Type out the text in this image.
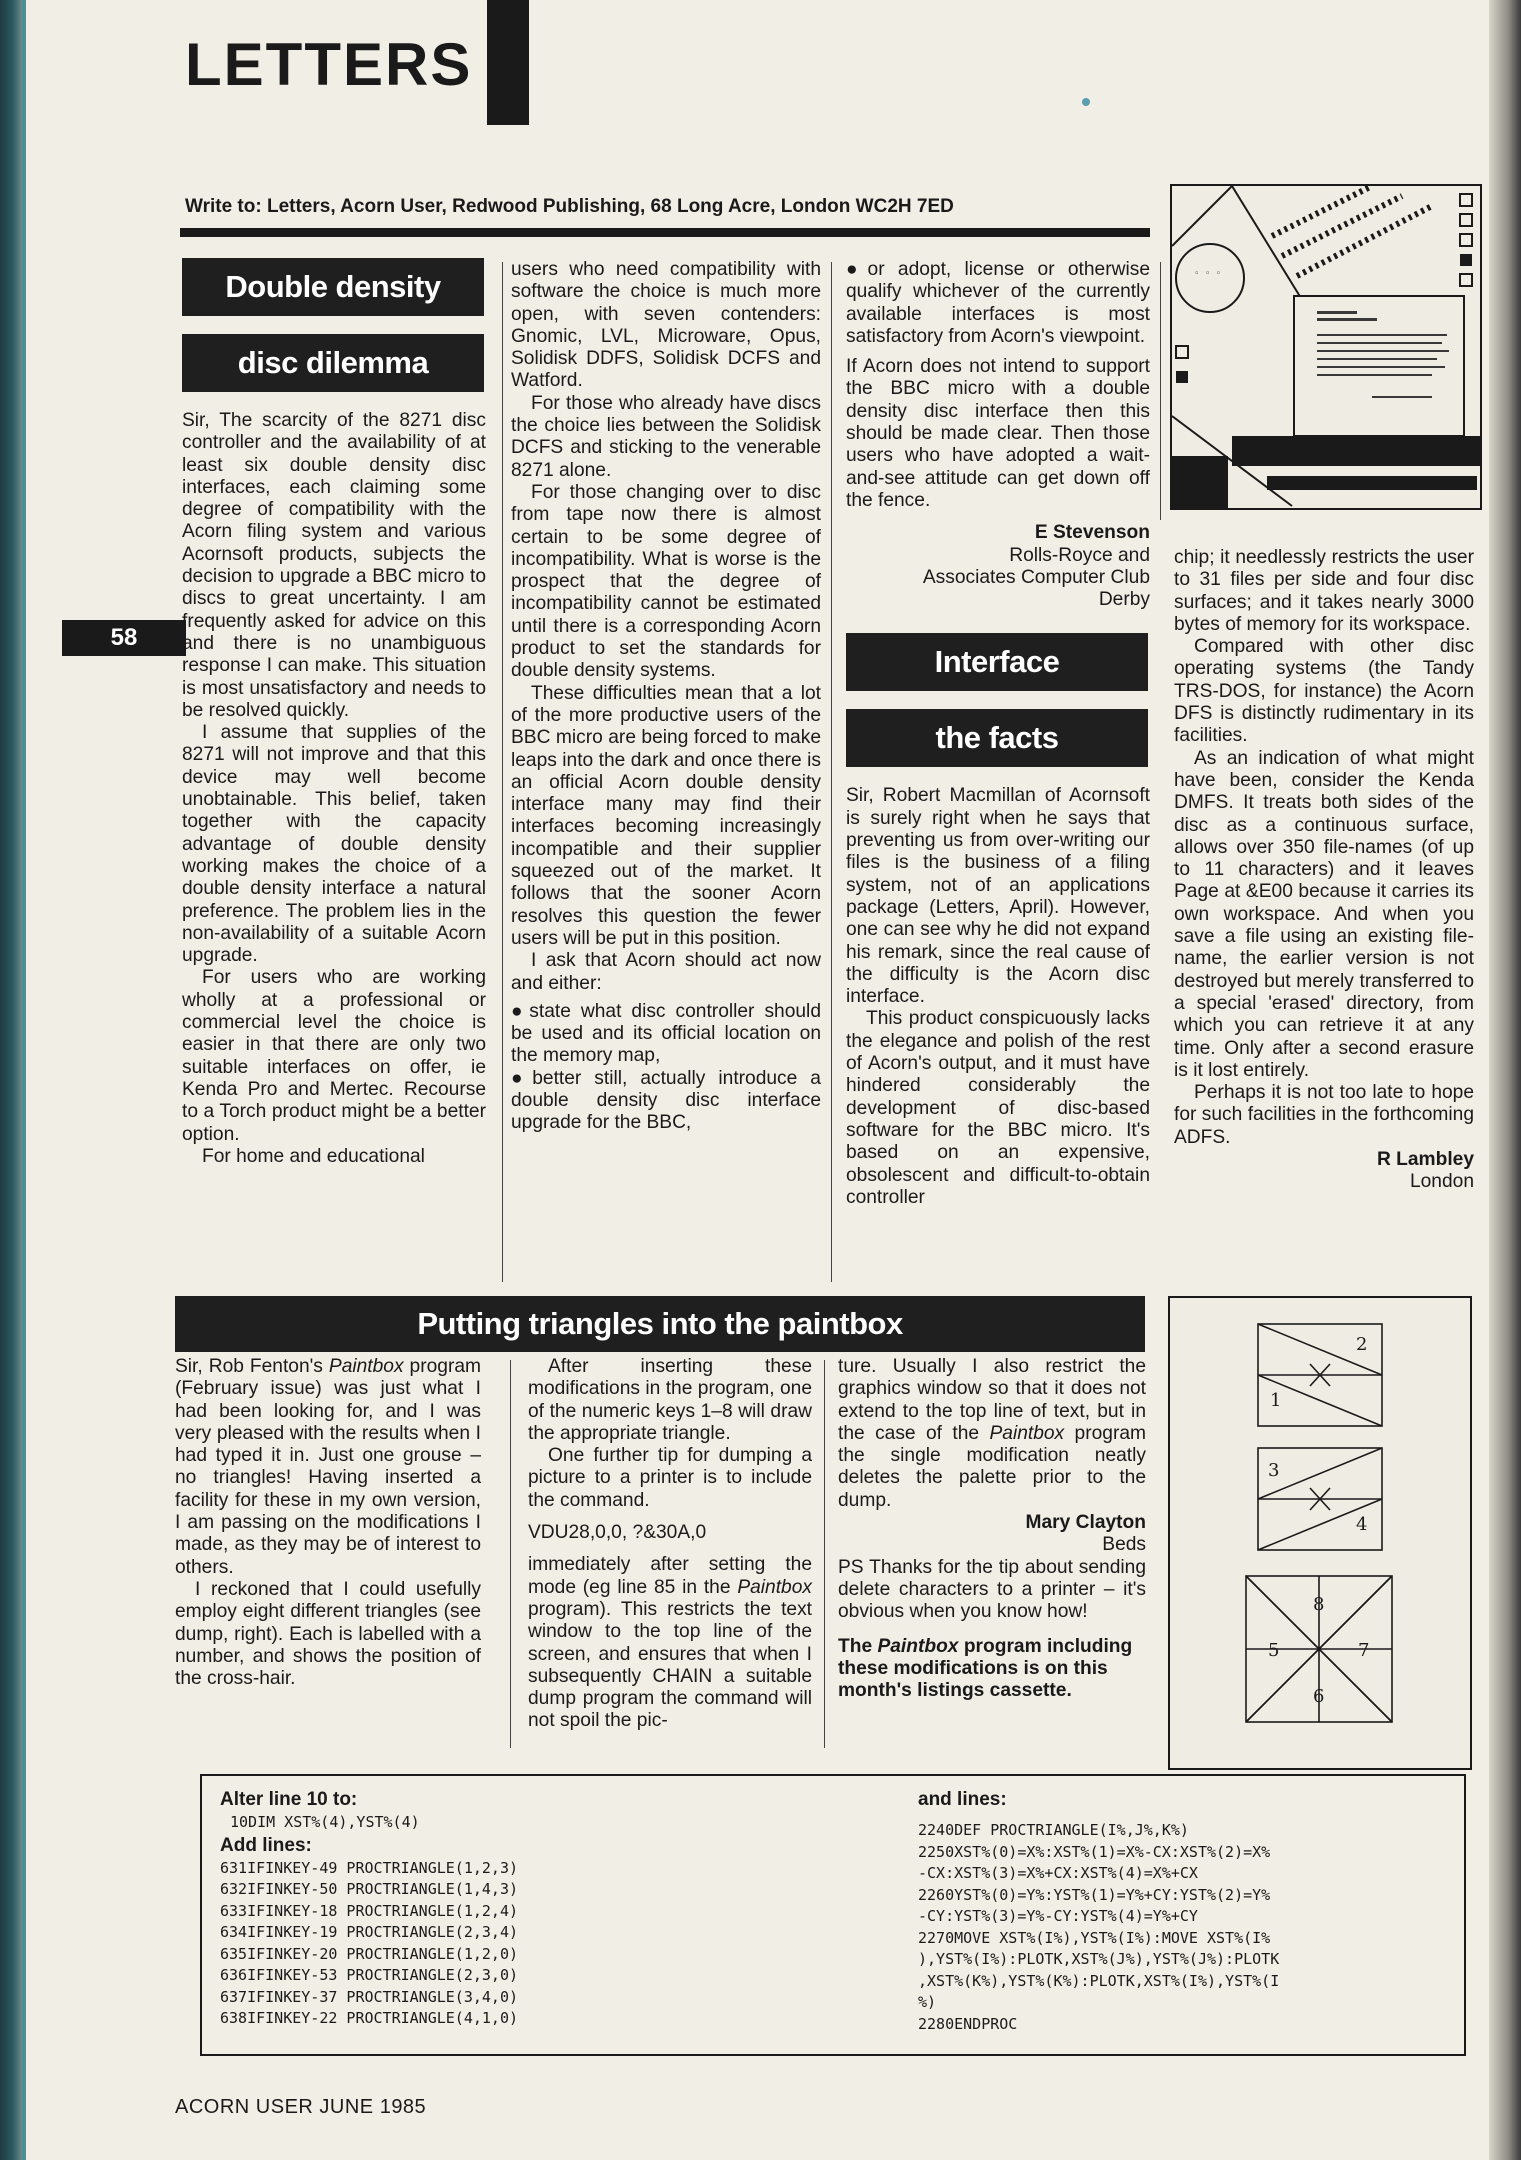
LETTERS

Write to: Letters, Acorn User, Redwood Publishing, 68 Long Acre, London WC2H 7ED

58
Double density
disc dilemma

Sir, The scarcity of the 8271 disc controller and the availability of at least six double density disc interfaces, each claiming some degree of compatibility with the Acorn filing system and various Acornsoft products, subjects the decision to upgrade a BBC micro to discs to great uncertainty. I am frequently asked for advice on this and there is no unambiguous response I can make. This situation is most unsatisfactory and needs to be resolved quickly.

I assume that supplies of the 8271 will not improve and that this device may well become unobtainable. This belief, taken together with the capacity advantage of double density working makes the choice of a double density interface a natural preference. The problem lies in the non-availability of a suitable Acorn upgrade.

For users who are working wholly at a professional or commercial level the choice is easier in that there are only two suitable interfaces on offer, ie Kenda Pro and Mertec. Recourse to a Torch product might be a better option.

For home and educational

users who need compatibility with software the choice is much more open, with seven contenders: Gnomic, LVL, Microware, Opus, Solidisk DDFS, Solidisk DCFS and Watford.

For those who already have discs the choice lies between the Solidisk DCFS and sticking to the venerable 8271 alone.

For those changing over to disc from tape now there is almost certain to be some degree of incompatibility. What is worse is the prospect that the degree of incompatibility cannot be estimated until there is a corresponding Acorn product to set the standards for double density systems.

These difficulties mean that a lot of the more productive users of the BBC micro are being forced to make leaps into the dark and once there is an official Acorn double density interface many may find their interfaces becoming increasingly incompatible and their supplier squeezed out of the market. It follows that the sooner Acorn resolves this question the fewer users will be put in this position.

I ask that Acorn should act now and either:

● state what disc controller should be used and its official location on the memory map,

● better still, actually introduce a double density disc interface upgrade for the BBC,

● or adopt, license or otherwise qualify whichever of the currently available interfaces is most satisfactory from Acorn's viewpoint.

If Acorn does not intend to support the BBC micro with a double density disc interface then this should be made clear. Then those users who have adopted a wait-and-see attitude can get down off the fence.

E Stevenson

Rolls-Royce and

Associates Computer Club

Derby

Interface
the facts

Sir, Robert Macmillan of Acornsoft is surely right when he says that preventing us from over-writing our files is the business of a filing system, not of an applications package (Letters, April). However, one can see why he did not expand his remark, since the real cause of the difficulty is the Acorn disc interface.

This product conspicuously lacks the elegance and polish of the rest of Acorn's output, and it must have hindered considerably the development of disc-based software for the BBC micro. It's based on an expensive, obsolescent and difficult-to-obtain controller

◦ ◦ ◦

chip; it needlessly restricts the user to 31 files per side and four disc surfaces; and it takes nearly 3000 bytes of memory for its workspace.

Compared with other disc operating systems (the Tandy TRS-DOS, for instance) the Acorn DFS is distinctly rudimentary in its facilities.

As an indication of what might have been, consider the Kenda DMFS. It treats both sides of the disc as a continuous surface, allows over 350 file-names (of up to 11 characters) and it leaves Page at &E00 because it carries its own workspace. And when you save a file using an existing file-name, the earlier version is not destroyed but merely transferred to a special 'erased' directory, from which you can retrieve it at any time. Only after a second erasure is it lost entirely.

Perhaps it is not too late to hope for such facilities in the forthcoming ADFS.

R Lambley

London

Putting triangles into the paintbox

Sir, Rob Fenton's Paintbox program (February issue) was just what I had been looking for, and I was very pleased with the results when I had typed it in. Just one grouse – no triangles! Having inserted a facility for these in my own version, I am passing on the modifications I made, as they may be of interest to others.

I reckoned that I could usefully employ eight different triangles (see dump, right). Each is labelled with a number, and shows the position of the cross-hair.

After inserting these modifications in the program, one of the numeric keys 1–8 will draw the appropriate triangle.

One further tip for dumping a picture to a printer is to include the command.

VDU28,0,0, ?&30A,0

immediately after setting the mode (eg line 85 in the Paintbox program). This restricts the text window to the top line of the screen, and ensures that when I subsequently CHAIN a suitable dump program the command will not spoil the pic-

ture. Usually I also restrict the graphics window so that it does not extend to the top line of text, but in the case of the Paintbox program the single modification neatly deletes the palette prior to the dump.

Mary Clayton

Beds

PS Thanks for the tip about sending delete characters to a printer – it's obvious when you know how!

The Paintbox program including these modifications is on this month's listings cassette.

2
1
3
4
8
5	7
6
Alter line 10 to:
10DIM XST%(4),YST%(4)
Add lines:
631IFINKEY-49 PROCTRIANGLE(1,2,3)
632IFINKEY-50 PROCTRIANGLE(1,4,3)
633IFINKEY-18 PROCTRIANGLE(1,2,4)
634IFINKEY-19 PROCTRIANGLE(2,3,4)
635IFINKEY-20 PROCTRIANGLE(1,2,0)
636IFINKEY-53 PROCTRIANGLE(2,3,0)
637IFINKEY-37 PROCTRIANGLE(3,4,0)
638IFINKEY-22 PROCTRIANGLE(4,1,0)
and lines:
2240DEF PROCTRIANGLE(I%,J%,K%)
2250XST%(0)=X%:XST%(1)=X%-CX:XST%(2)=X%
-CX:XST%(3)=X%+CX:XST%(4)=X%+CX
2260YST%(0)=Y%:YST%(1)=Y%+CY:YST%(2)=Y%
-CY:YST%(3)=Y%-CY:YST%(4)=Y%+CY
2270MOVE XST%(I%),YST%(I%):MOVE XST%(I%
),YST%(I%):PLOTK,XST%(J%),YST%(J%):PLOTK
,XST%(K%),YST%(K%):PLOTK,XST%(I%),YST%(I
%)
2280ENDPROC

ACORN USER JUNE 1985
